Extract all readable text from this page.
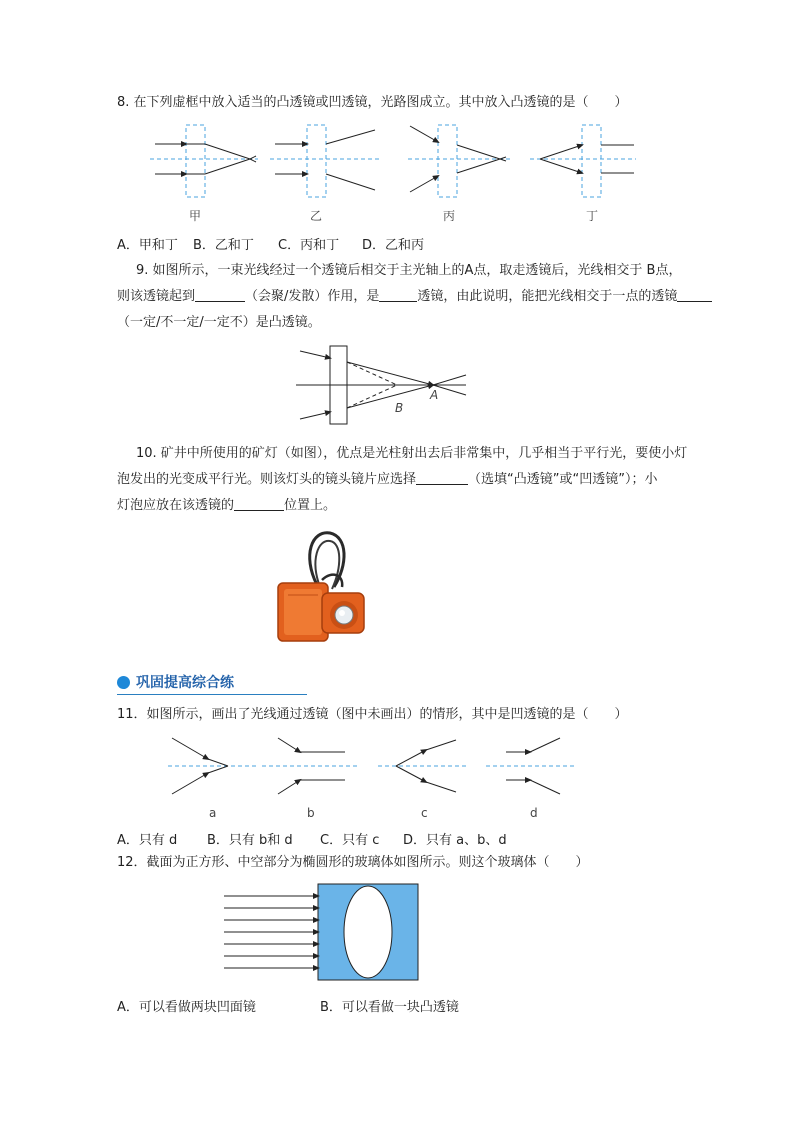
8. 在下列虚框中放入适当的凸透镜或凹透镜，光路图成立。其中放入凸透镜的是（　　）
甲	乙	丙	丁
A．甲和丁 B．乙和丁 C．丙和丁 D．乙和丙
9. 如图所示，一束光线经过一个透镜后相交于主光轴上的A点，取走透镜后，光线相交于 B点，
则该透镜起到	（会聚/发散）作用，是	透镜，由此说明，能把光线相交于一点的透镜
（一定/不一定/一定不）是凸透镜。
B
A
10. 矿井中所使用的矿灯（如图），优点是光柱射出去后非常集中，几乎相当于平行光，要使小灯
泡发出的光变成平行光。则该灯头的镜头镜片应选择	（选填“凸透镜”或“凹透镜”）；小
灯泡应放在该透镜的	位置上。
巩固提高综合练
11．如图所示，画出了光线通过透镜（图中未画出）的情形，其中是凹透镜的是（　　）
a	b	c	d
A．只有 d B．只有 b和 d C．只有 c D．只有 a、b、d
12．截面为正方形、中空部分为椭圆形的玻璃体如图所示。则这个玻璃体（　　）
A．可以看做两块凹面镜	B．可以看做一块凸透镜
